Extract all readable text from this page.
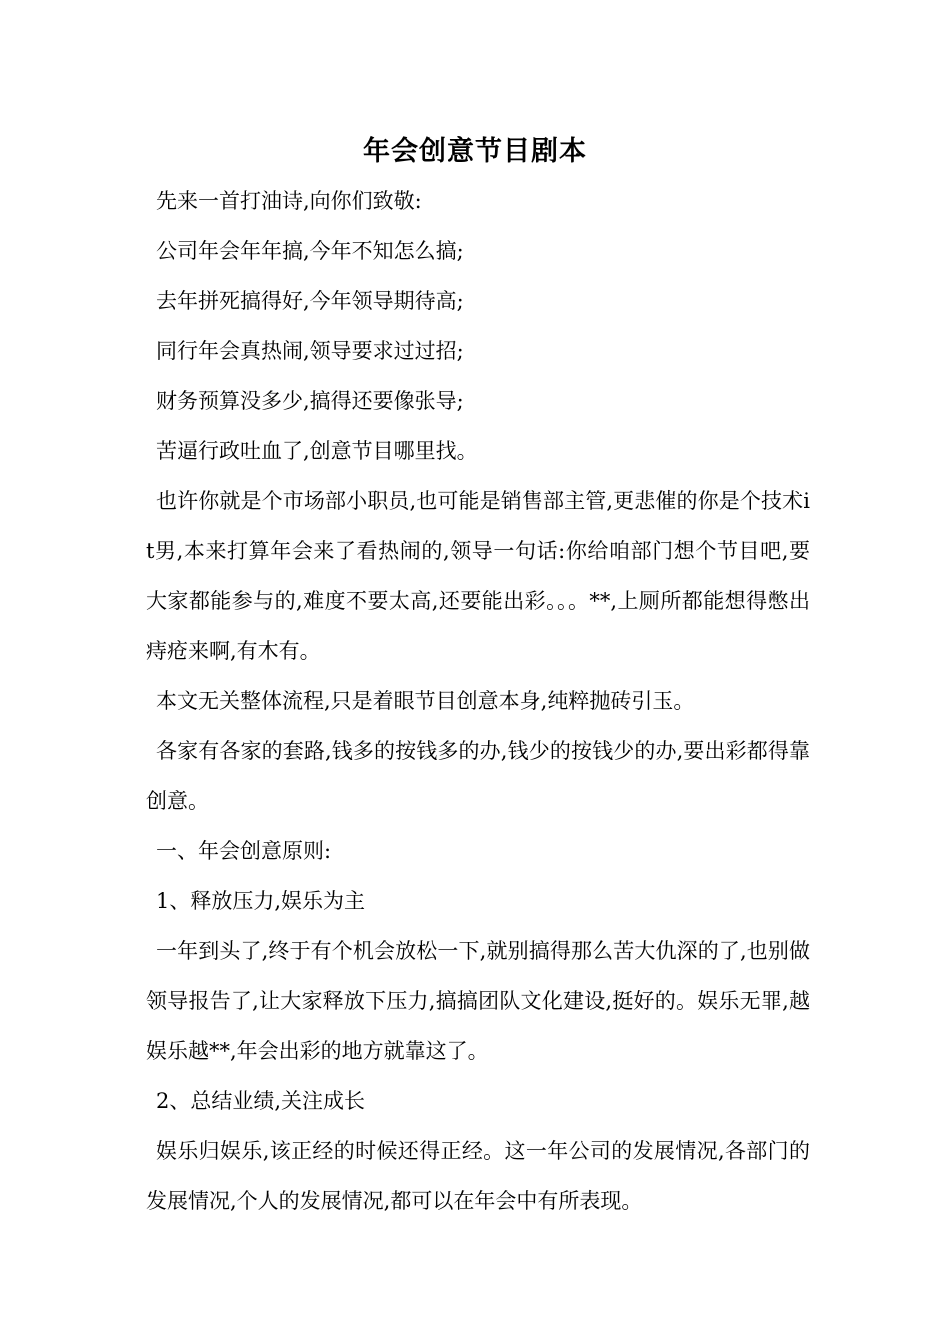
年会创意节目剧本

先来一首打油诗,向你们致敬:

公司年会年年搞,今年不知怎么搞;

去年拼死搞得好,今年领导期待高;

同行年会真热闹,领导要求过过招;

财务预算没多少,搞得还要像张导;

苦逼行政吐血了,创意节目哪里找。

也许你就是个市场部小职员,也可能是销售部主管,更悲催的你是个技术it男,本来打算年会来了看热闹的,领导一句话:你给咱部门想个节目吧,要大家都能参与的,难度不要太高,还要能出彩。。。**,上厕所都能想得憋出痔疮来啊,有木有。

本文无关整体流程,只是着眼节目创意本身,纯粹抛砖引玉。

各家有各家的套路,钱多的按钱多的办,钱少的按钱少的办,要出彩都得靠创意。

一、年会创意原则:

1、释放压力,娱乐为主

一年到头了,终于有个机会放松一下,就别搞得那么苦大仇深的了,也别做领导报告了,让大家释放下压力,搞搞团队文化建设,挺好的。娱乐无罪,越娱乐越**,年会出彩的地方就靠这了。

2、总结业绩,关注成长

娱乐归娱乐,该正经的时候还得正经。这一年公司的发展情况,各部门的发展情况,个人的发展情况,都可以在年会中有所表现。
